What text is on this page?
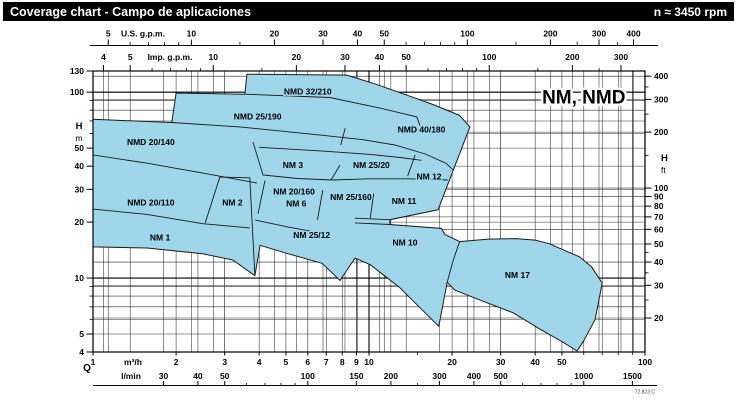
Coverage chart - Campo de aplicaciones	n ≈ 3450 rpm
NMD 32/210
NMD 25/190
NMD 40/180
NMD 20/140
NM 3	NM 25/20
NM 12
NMD 20/110	NM 2
NM 20/160
NM 6
NM 25/160 NM 11
NM 1	NM 25/12
NM 10
NM 17
NM, NMD
72.823 C
5	10	20	30	40 50	100	200	300 400
U.S. g.p.m.
4	5	10	20	30	40 50	100	200	300
Imp. g.p.m.
4
5
10
20
30
40
50
100
130
H
m
20
30
40
50
60
70
80
90
100
200
300
400
H
ft
1	2	3	4	5 6 7 8 9 10	20	30	40 50	100
Q
m³/h
30	40 50	100	150 200	300 400 500	1000	1500
l/min
